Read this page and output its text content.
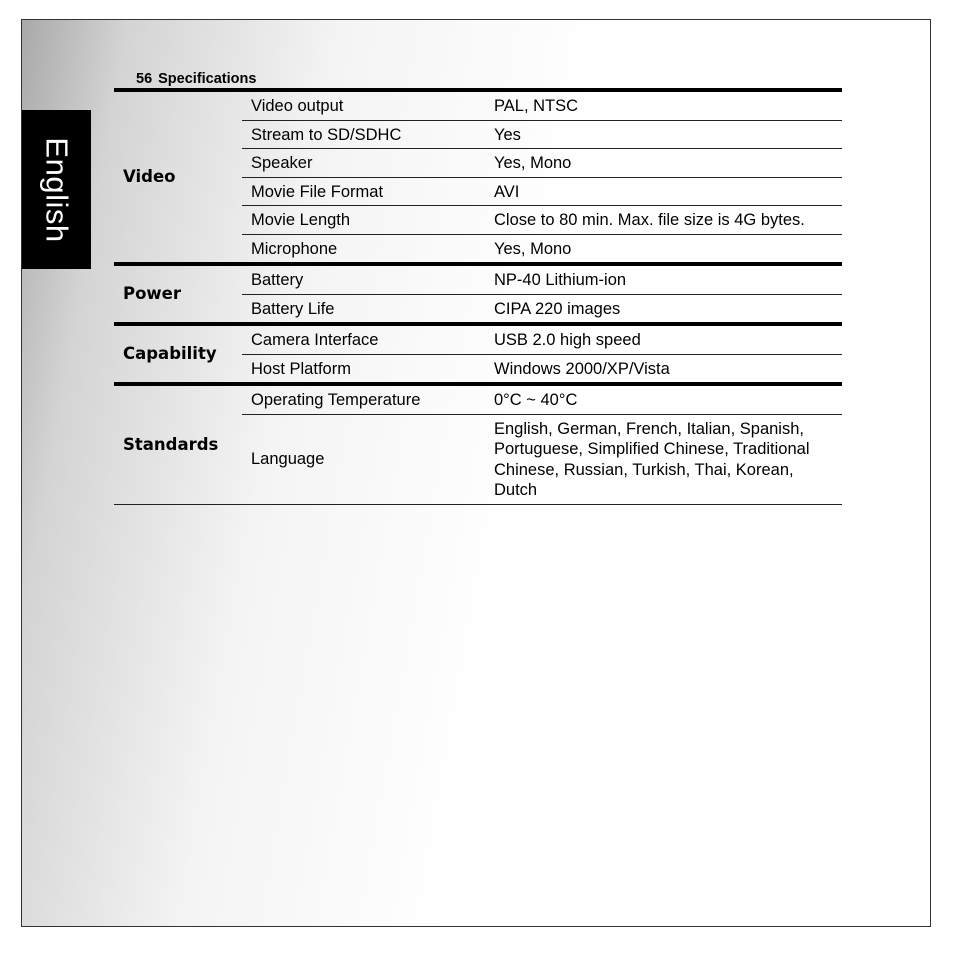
English
56 Specifications
Video	Video output	PAL, NTSC
	Stream to SD/SDHC	Yes
	Speaker	Yes, Mono
	Movie File Format	AVI
	Movie Length	Close to 80 min. Max. file size is 4G bytes.
	Microphone	Yes, Mono
Power	Battery	NP-40 Lithium-ion
	Battery Life	CIPA 220 images
Capability	Camera Interface	USB 2.0 high speed
	Host Platform	Windows 2000/XP/Vista
Standards	Operating Temperature	0°C ~ 40°C
	Language	English, German, French, Italian, Spanish, Portuguese, Simplified Chinese, Traditional Chinese, Russian, Turkish, Thai, Korean, Dutch
